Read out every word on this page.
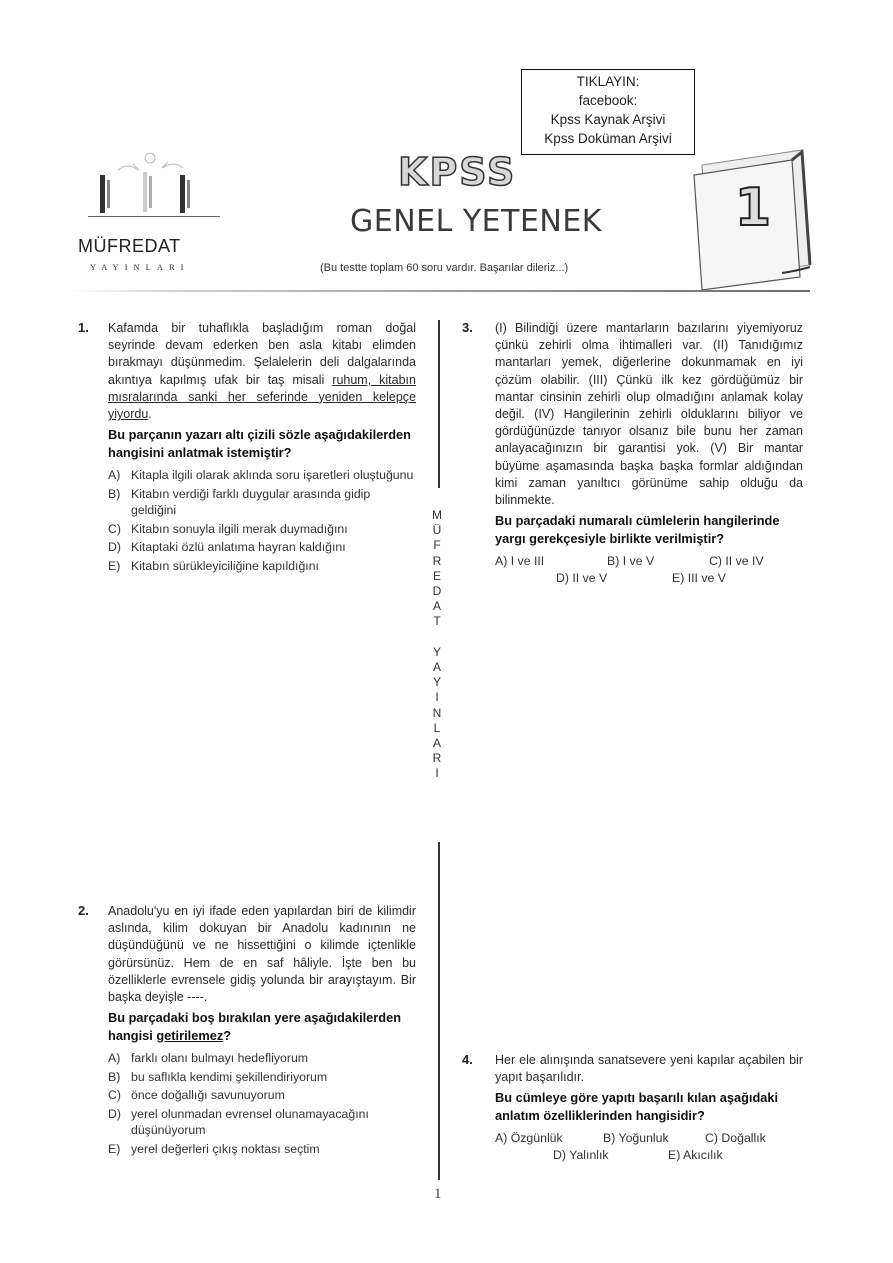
TIKLAYIN:
facebook:
Kpss Kaynak Arşivi
Kpss Doküman Arşivi
MÜFREDAT
YAYINLARI
KPSS
GENEL YETENEK
(Bu testte toplam 60 soru vardır. Başarılar dileriz...)
1
M
Ü
F
R
E
D
A
T
Y
A
Y
I
N
L
A
R
I
1. Kafamda bir tuhaflıkla başladığım roman doğal seyrinde devam ederken ben asla kitabı elimden bırakmayı düşünmedim. Şelalelerin deli dalgalarında akıntıya kapılmış ufak bir taş misali ruhum, kitabın mısralarında sanki her seferinde yeniden kelepçe yiyordu.
Bu parçanın yazarı altı çizili sözle aşağıdakilerden hangisini anlatmak istemiştir?
A) Kitapla ilgili olarak aklında soru işaretleri oluştuğunu
B) Kitabın verdiği farklı duygular arasında gidip geldiğini
C) Kitabın sonuyla ilgili merak duymadığını
D) Kitaptaki özlü anlatıma hayran kaldığını
E) Kitabın sürükleyiciliğine kapıldığını
2. Anadolu'yu en iyi ifade eden yapılardan biri de kilimdir aslında, kilim dokuyan bir Anadolu kadınının ne düşündüğünü ve ne hissettiğini o kilimde içtenlikle görürsünüz. Hem de en saf hâliyle. İşte ben bu özelliklerle evrensele gidiş yolunda bir arayıştayım. Bir başka deyişle ----.
Bu parçadaki boş bırakılan yere aşağıdakilerden hangisi getirilemez?
A) farklı olanı bulmayı hedefliyorum
B) bu saflıkla kendimi şekillendiriyorum
C) önce doğallığı savunuyorum
D) yerel olunmadan evrensel olunamayacağını düşünüyorum
E) yerel değerleri çıkış noktası seçtim
3. (I) Bilindiği üzere mantarların bazılarını yiyemiyoruz çünkü zehirli olma ihtimalleri var. (II) Tanıdığımız mantarları yemek, diğerlerine dokunmamak en iyi çözüm olabilir. (III) Çünkü ilk kez gördüğümüz bir mantar cinsinin zehirli olup olmadığını anlamak kolay değil. (IV) Hangilerinin zehirli olduklarını biliyor ve gördüğünüzde tanıyor olsanız bile bunu her zaman anlayacağınızın bir garantisi yok. (V) Bir mantar büyüme aşamasında başka başka formlar aldığından kimi zaman yanıltıcı görünüme sahip olduğu da bilinmekte.
Bu parçadaki numaralı cümlelerin hangilerinde yargı gerekçesiyle birlikte verilmiştir?
A) I ve III	B) I ve V	C) II ve IV
D) II ve V	E) III ve V
4. Her ele alınışında sanatsevere yeni kapılar açabilen bir yapıt başarılıdır.
Bu cümleye göre yapıtı başarılı kılan aşağıdaki anlatım özelliklerinden hangisidir?
A) Özgünlük	B) Yoğunluk	C) Doğallık
D) Yalınlık	E) Akıcılık
1
